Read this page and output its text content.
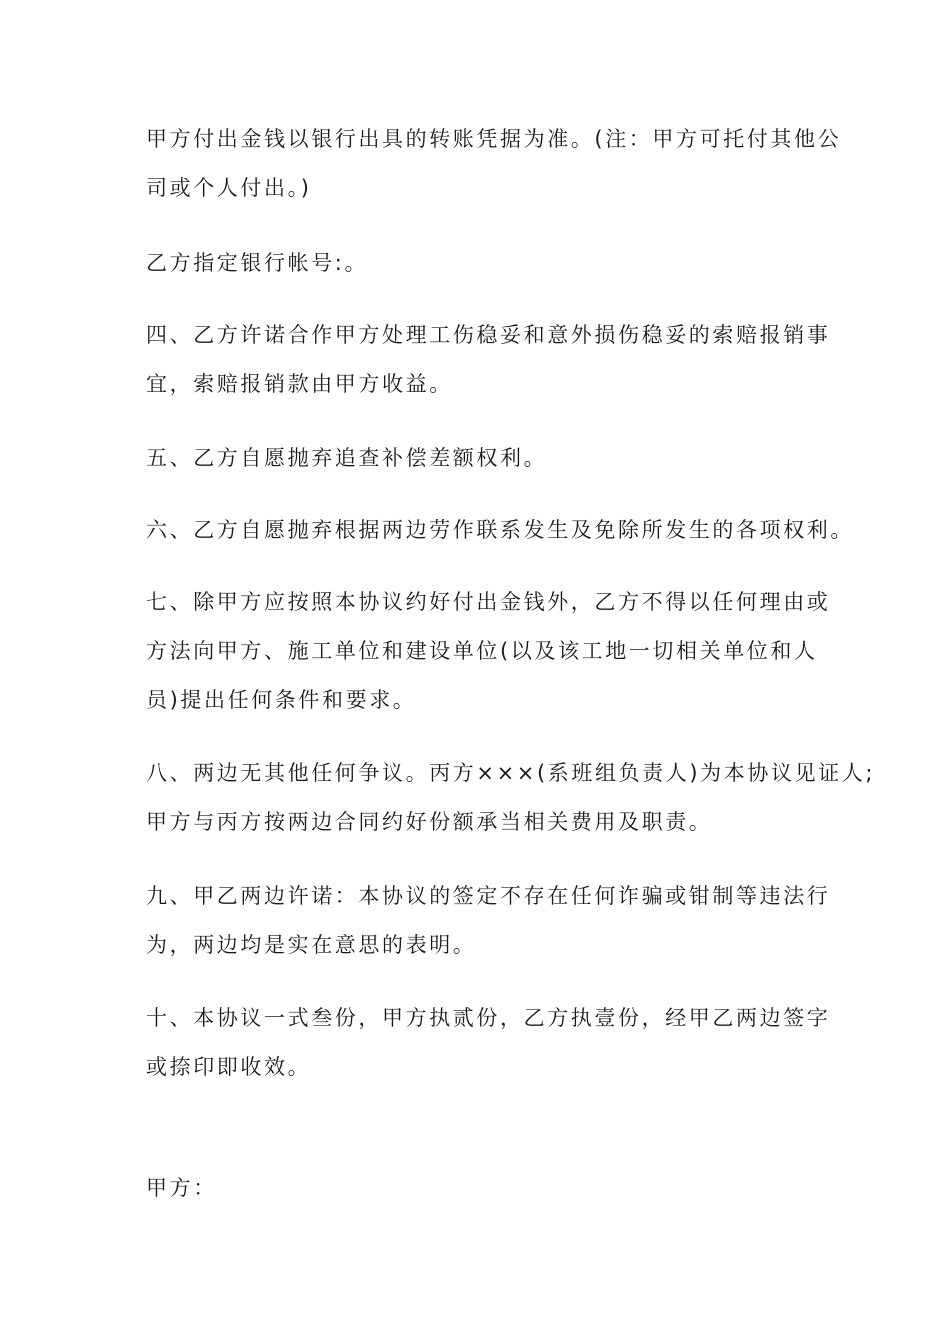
甲方付出金钱以银行出具的转账凭据为准。(注：甲方可托付其他公
司或个人付出。)

乙方指定银行帐号:。

四、乙方许诺合作甲方处理工伤稳妥和意外损伤稳妥的索赔报销事
宜，索赔报销款由甲方收益。

五、乙方自愿抛弃追查补偿差额权利。

六、乙方自愿抛弃根据两边劳作联系发生及免除所发生的各项权利。

七、除甲方应按照本协议约好付出金钱外，乙方不得以任何理由或
方法向甲方、施工单位和建设单位(以及该工地一切相关单位和人
员)提出任何条件和要求。

八、两边无其他任何争议。丙方×××(系班组负责人)为本协议见证人;
甲方与丙方按两边合同约好份额承当相关费用及职责。

九、甲乙两边许诺：本协议的签定不存在任何诈骗或钳制等违法行
为，两边均是实在意思的表明。

十、本协议一式叁份，甲方执贰份，乙方执壹份，经甲乙两边签字
或捺印即收效。

甲方：
